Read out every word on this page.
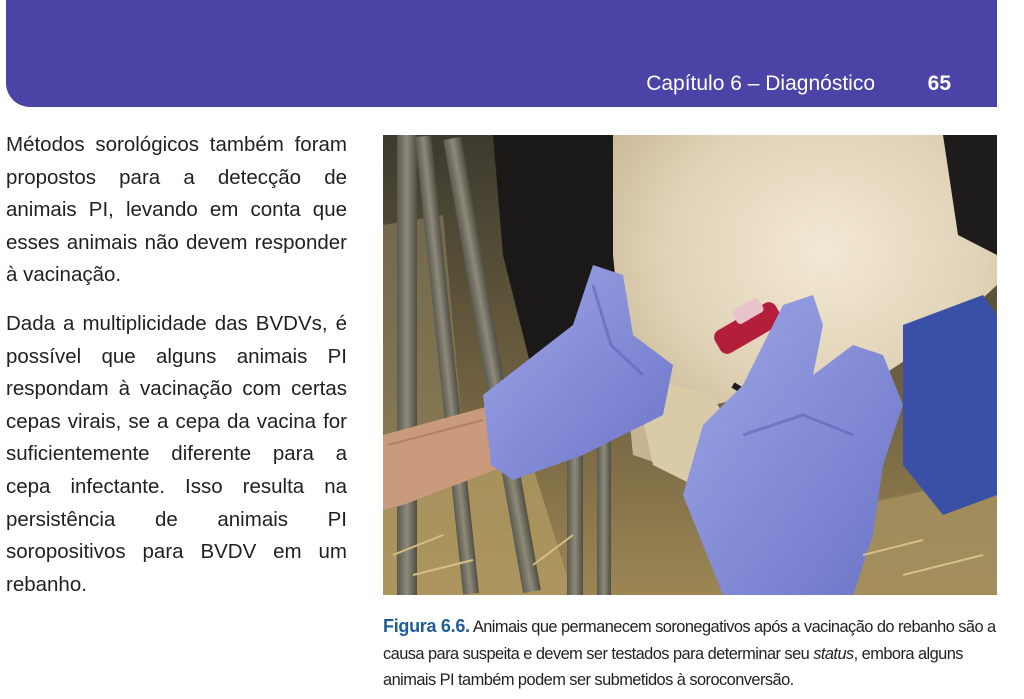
Capítulo 6 – Diagnóstico	65

Métodos sorológicos também foram propostos para a detecção de animais PI, levando em conta que esses animais não devem responder à vacinação.

Dada a multiplicidade das BVDVs, é possível que alguns animais PI respondam à vacinação com certas cepas virais, se a cepa da vacina for suficientemente diferente para a cepa infectante. Isso resulta na persistência de animais PI soropositivos para BVDV em um rebanho.

Figura 6.6. Animais que permanecem soronegativos após a vacinação do rebanho são a causa para suspeita e devem ser testados para determinar seu status, embora alguns animais PI também podem ser submetidos à soroconversão.
